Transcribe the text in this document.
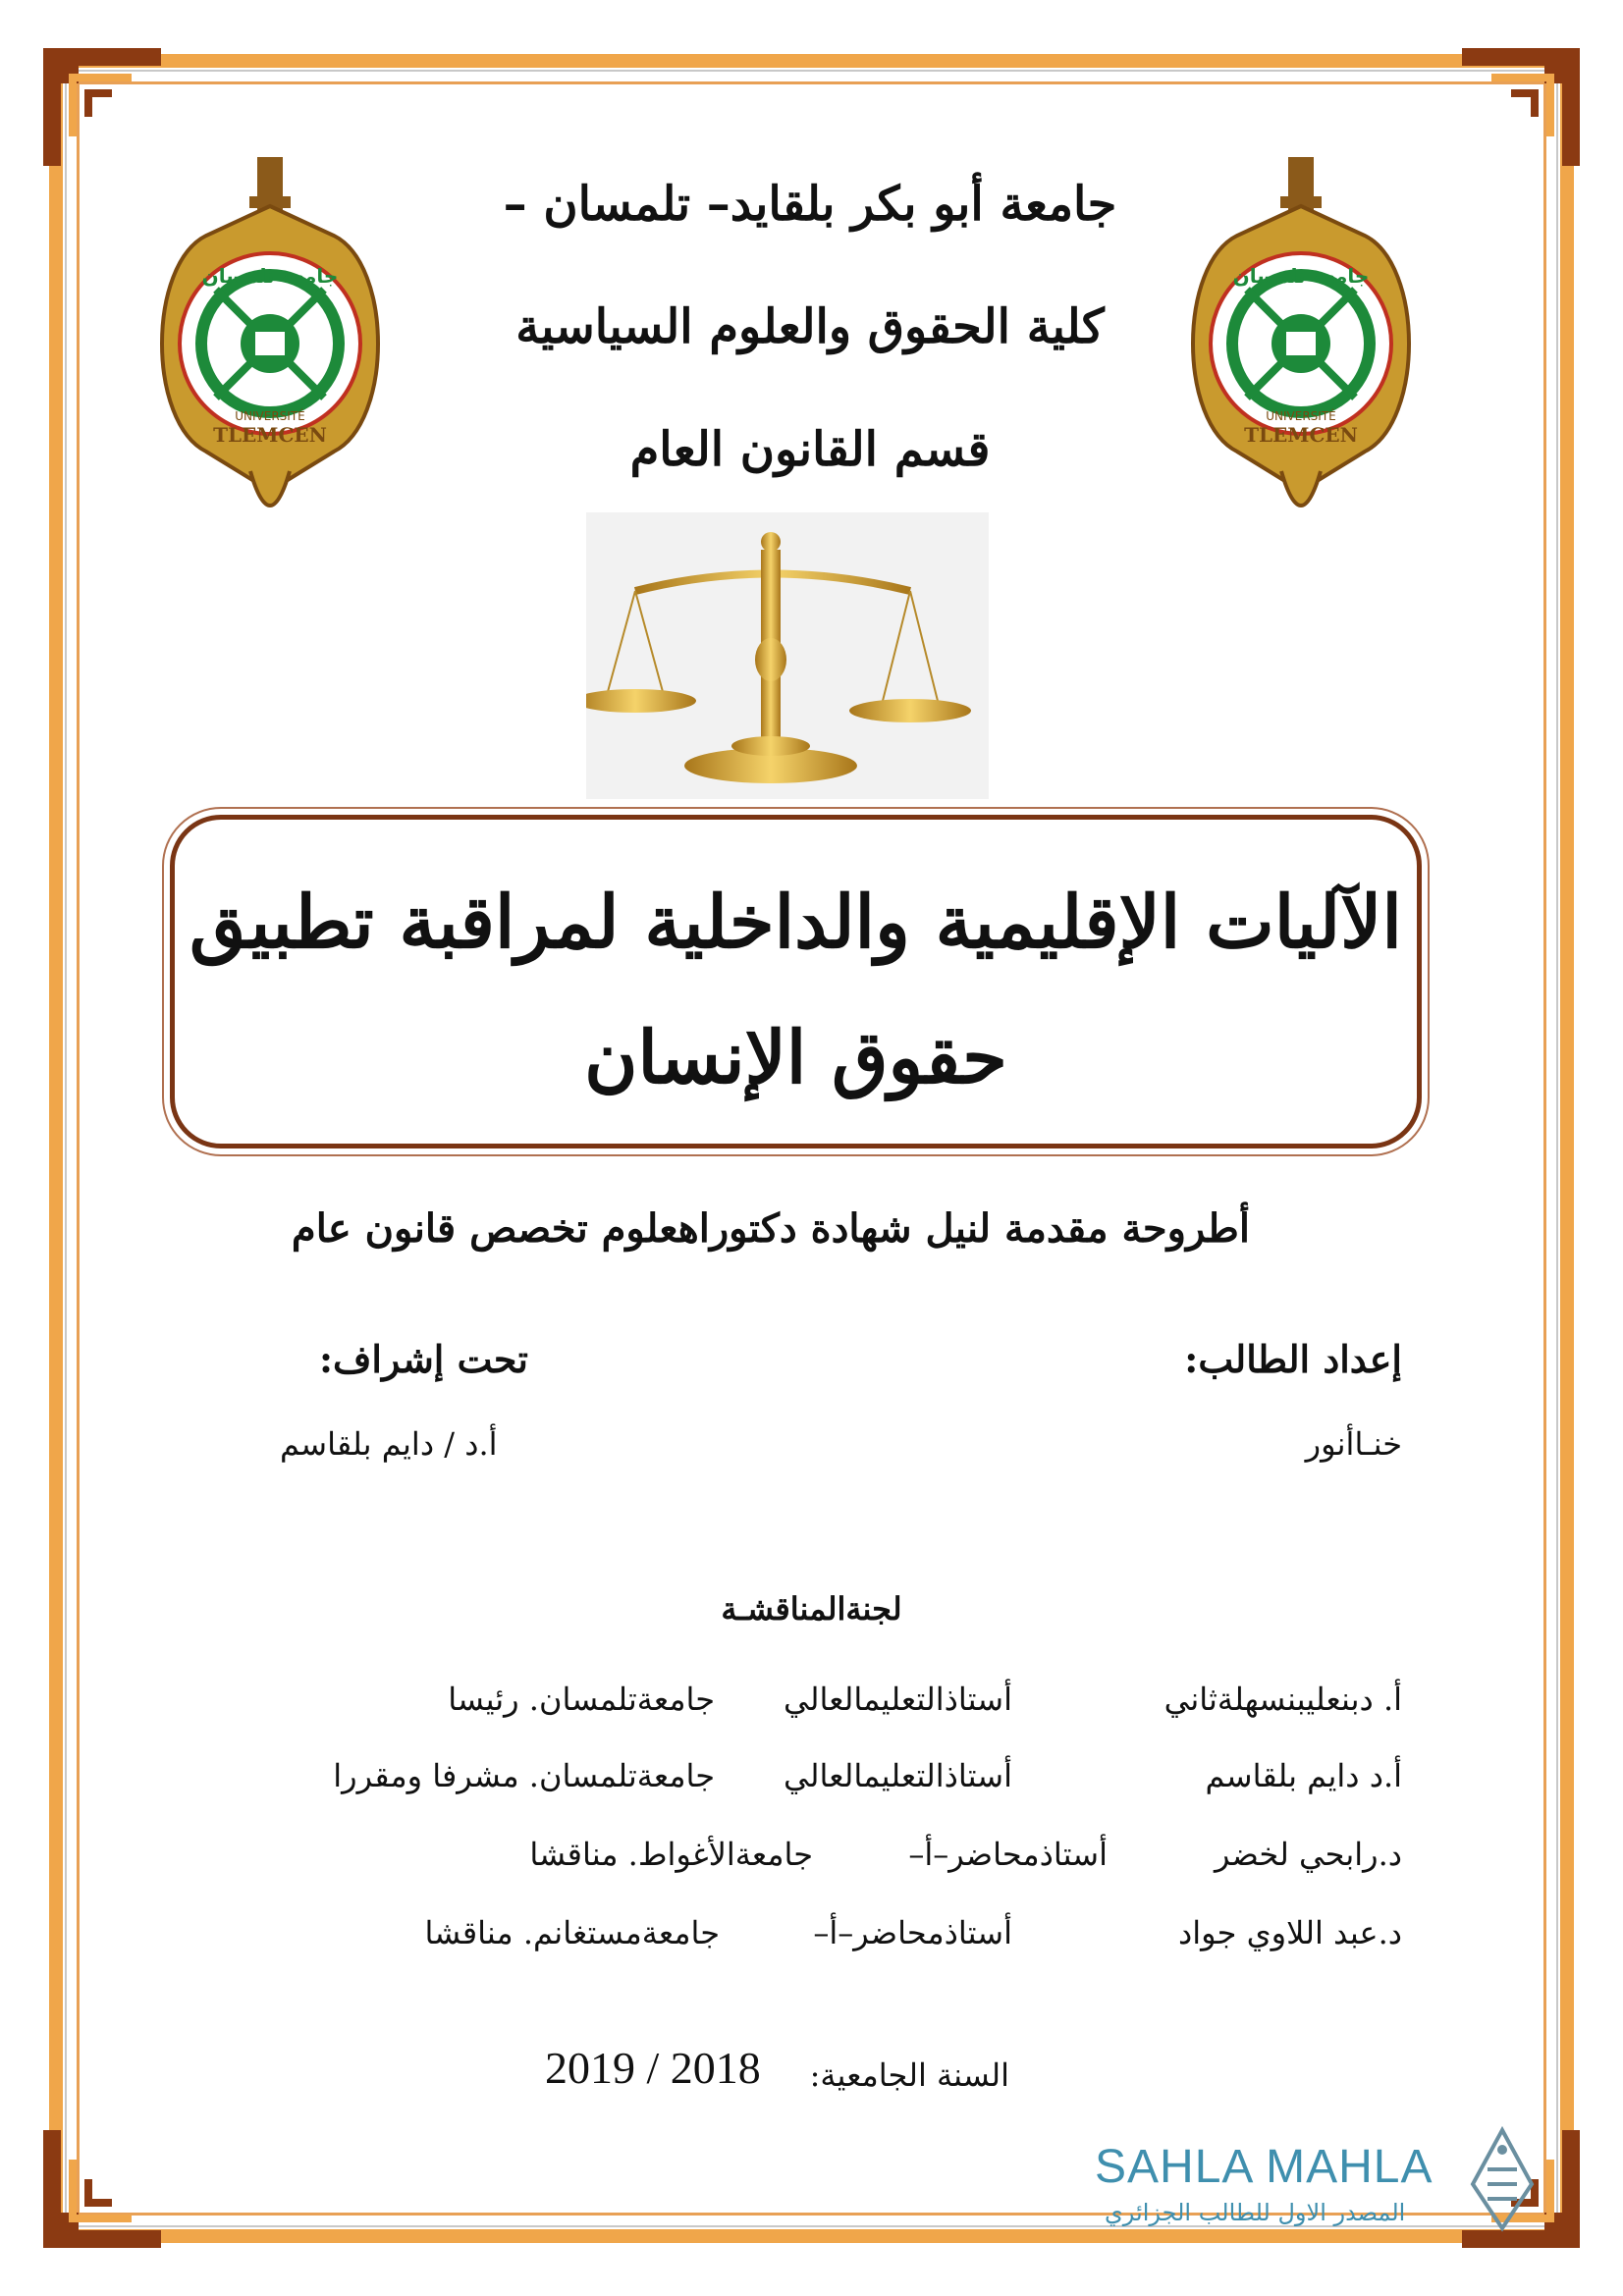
UNIVERSITÉ
TLEMCEN
جامعة تلمسان
UNIVERSITÉ
TLEMCEN
جامعة تلمسان
جامعة أبو بكر بلقايد– تلمسان –
كلية الحقوق والعلوم السياسية
قسم القانون العام
الآليات الإقليمية والداخلية لمراقبة تطبيق
حقوق الإنسان
أطروحة مقدمة لنيل شهادة دكتوراهعلوم تخصص قانون عام
إعداد الطالب:
خنـاأنور
تحت إشراف:
أ.د / دايم بلقاسم
لجنةالمناقشـة
أ. دبنعليبنسهلةثاني
أستاذالتعليمالعالي
جامعةتلمسان. رئيسا
أ.د دايم بلقاسم
أستاذالتعليمالعالي
جامعةتلمسان. مشرفا ومقررا
د.رابحي لخضر
أستاذمحاضر–أ–
جامعةالأغواط. مناقشا
د.عبد اللاوي جواد
أستاذمحاضر–أ–
جامعةمستغانم. مناقشا
السنة الجامعية:
2019 / 2018
SAHLA MAHLA
المصدر الاول للطالب الجزائري
